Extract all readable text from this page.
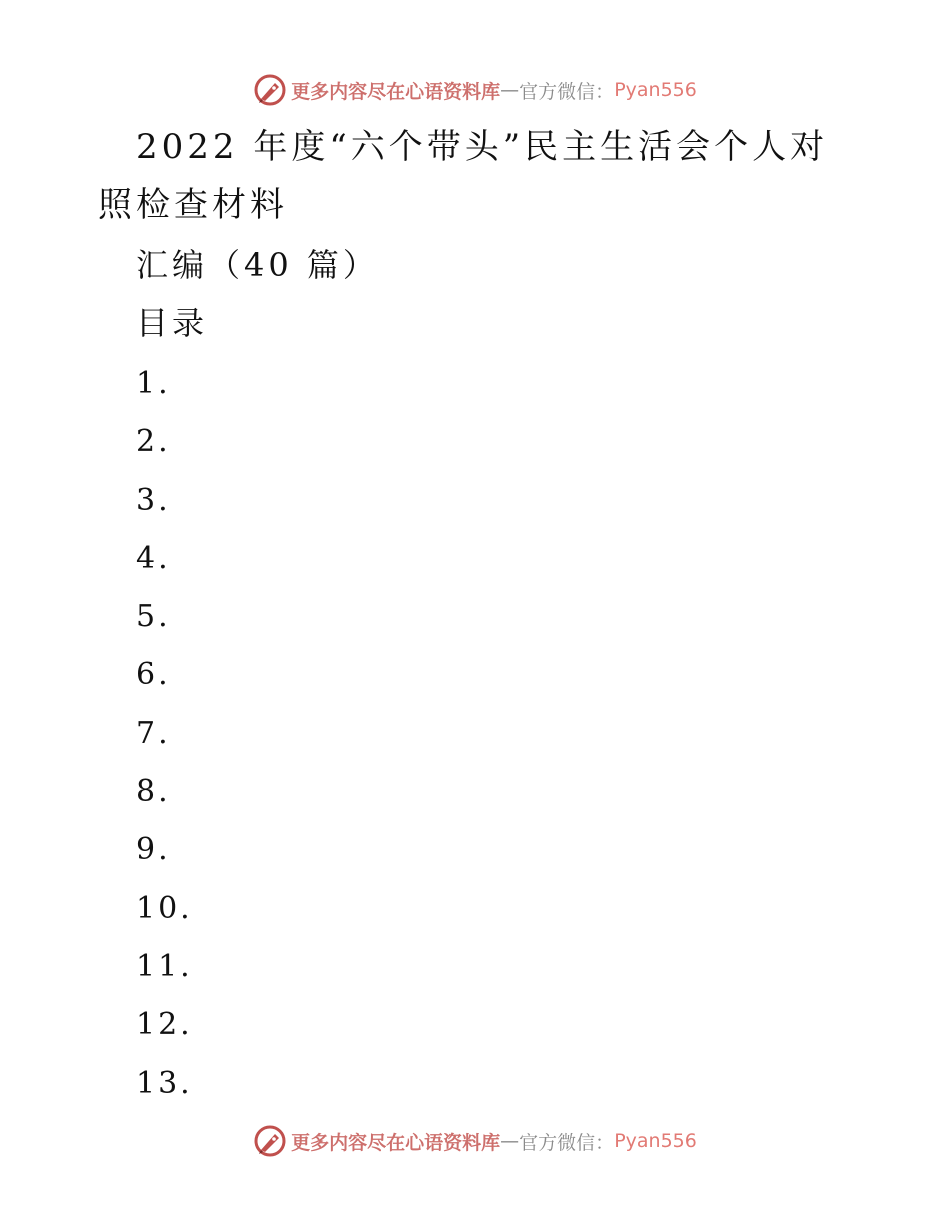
更多内容尽在心语资料库 — 官方微信： Pyan556
2022 年度“六个带头”民主生活会个人对照检查材料
汇编（40 篇）
目录
1.
2.
3.
4.
5.
6.
7.
8.
9.
10.
11.
12.
13.
更多内容尽在心语资料库 — 官方微信： Pyan556
